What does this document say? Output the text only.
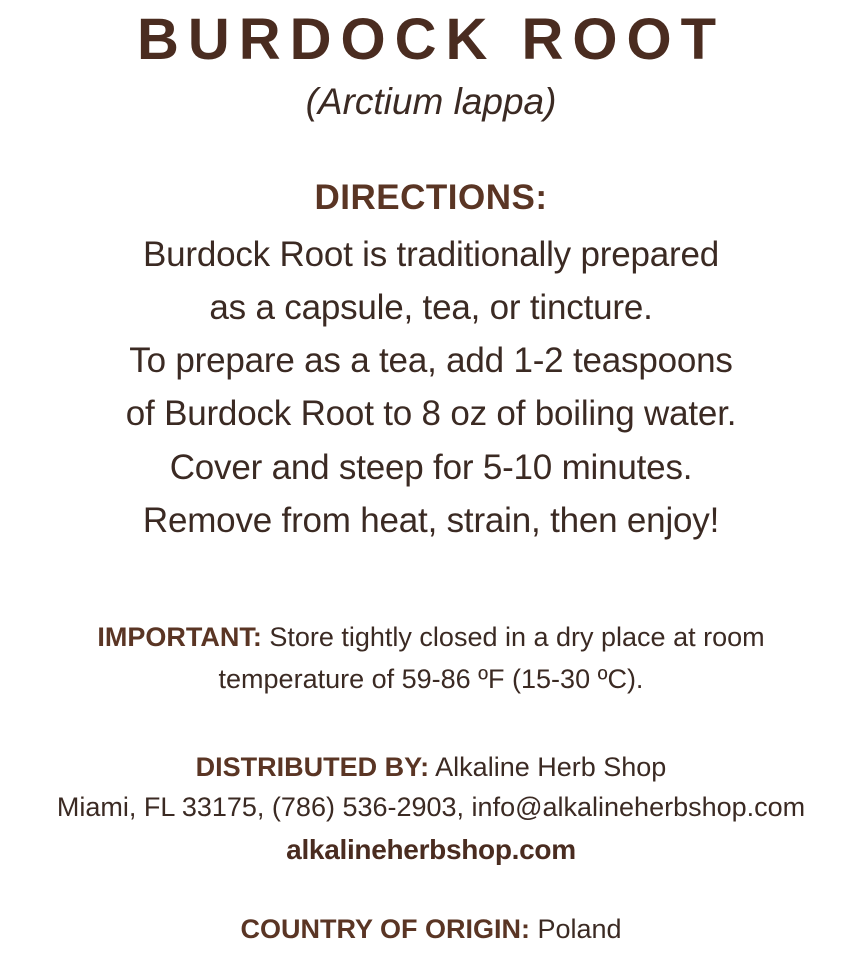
BURDOCK ROOT
(Arctium lappa)
DIRECTIONS:
Burdock Root is traditionally prepared
as a capsule, tea, or tincture.
To prepare as a tea, add 1-2 teaspoons
of Burdock Root to 8 oz of boiling water.
Cover and steep for 5-10 minutes.
Remove from heat, strain, then enjoy!
IMPORTANT: Store tightly closed in a dry place at room
temperature of 59-86 ºF (15-30 ºC).
DISTRIBUTED BY: Alkaline Herb Shop
Miami, FL 33175, (786) 536-2903, info@alkalineherbshop.com
alkalineherbshop.com
COUNTRY OF ORIGIN: Poland
